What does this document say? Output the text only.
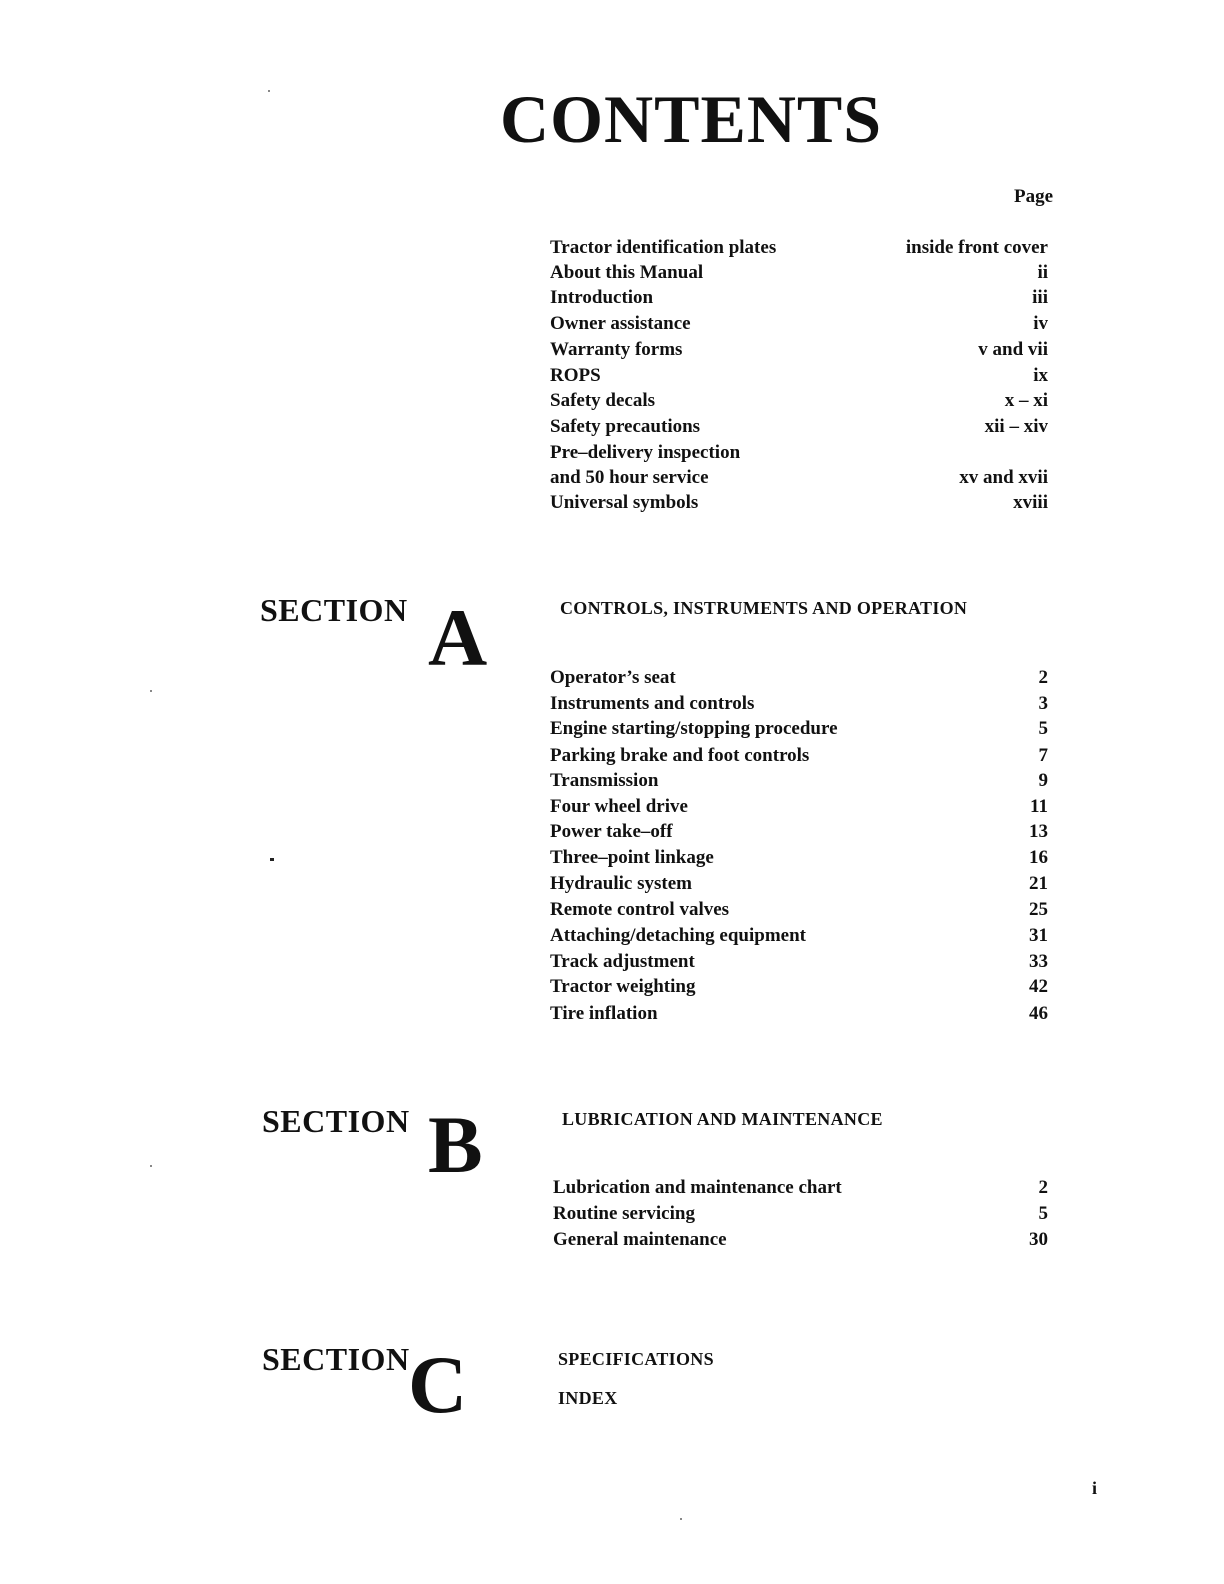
CONTENTS
Page
Tractor identification plates	inside front cover
About this Manual	ii
Introduction	iii
Owner assistance	iv
Warranty forms	v and vii
ROPS	ix
Safety decals	x – xi
Safety precautions	xii – xiv
Pre–delivery inspection
and 50 hour service	xv and xvii
Universal symbols	xviii
SECTION A	CONTROLS, INSTRUMENTS AND OPERATION
Operator’s seat	2
Instruments and controls	3
Engine starting/stopping procedure	5
Parking brake and foot controls	7
Transmission	9
Four wheel drive	11
Power take–off	13
Three–point linkage	16
Hydraulic system	21
Remote control valves	25
Attaching/detaching equipment	31
Track adjustment	33
Tractor weighting	42
Tire inflation	46
SECTION B	LUBRICATION AND MAINTENANCE
Lubrication and maintenance chart	2
Routine servicing	5
General maintenance	30
SECTION
C	SPECIFICATIONS
INDEX
i
